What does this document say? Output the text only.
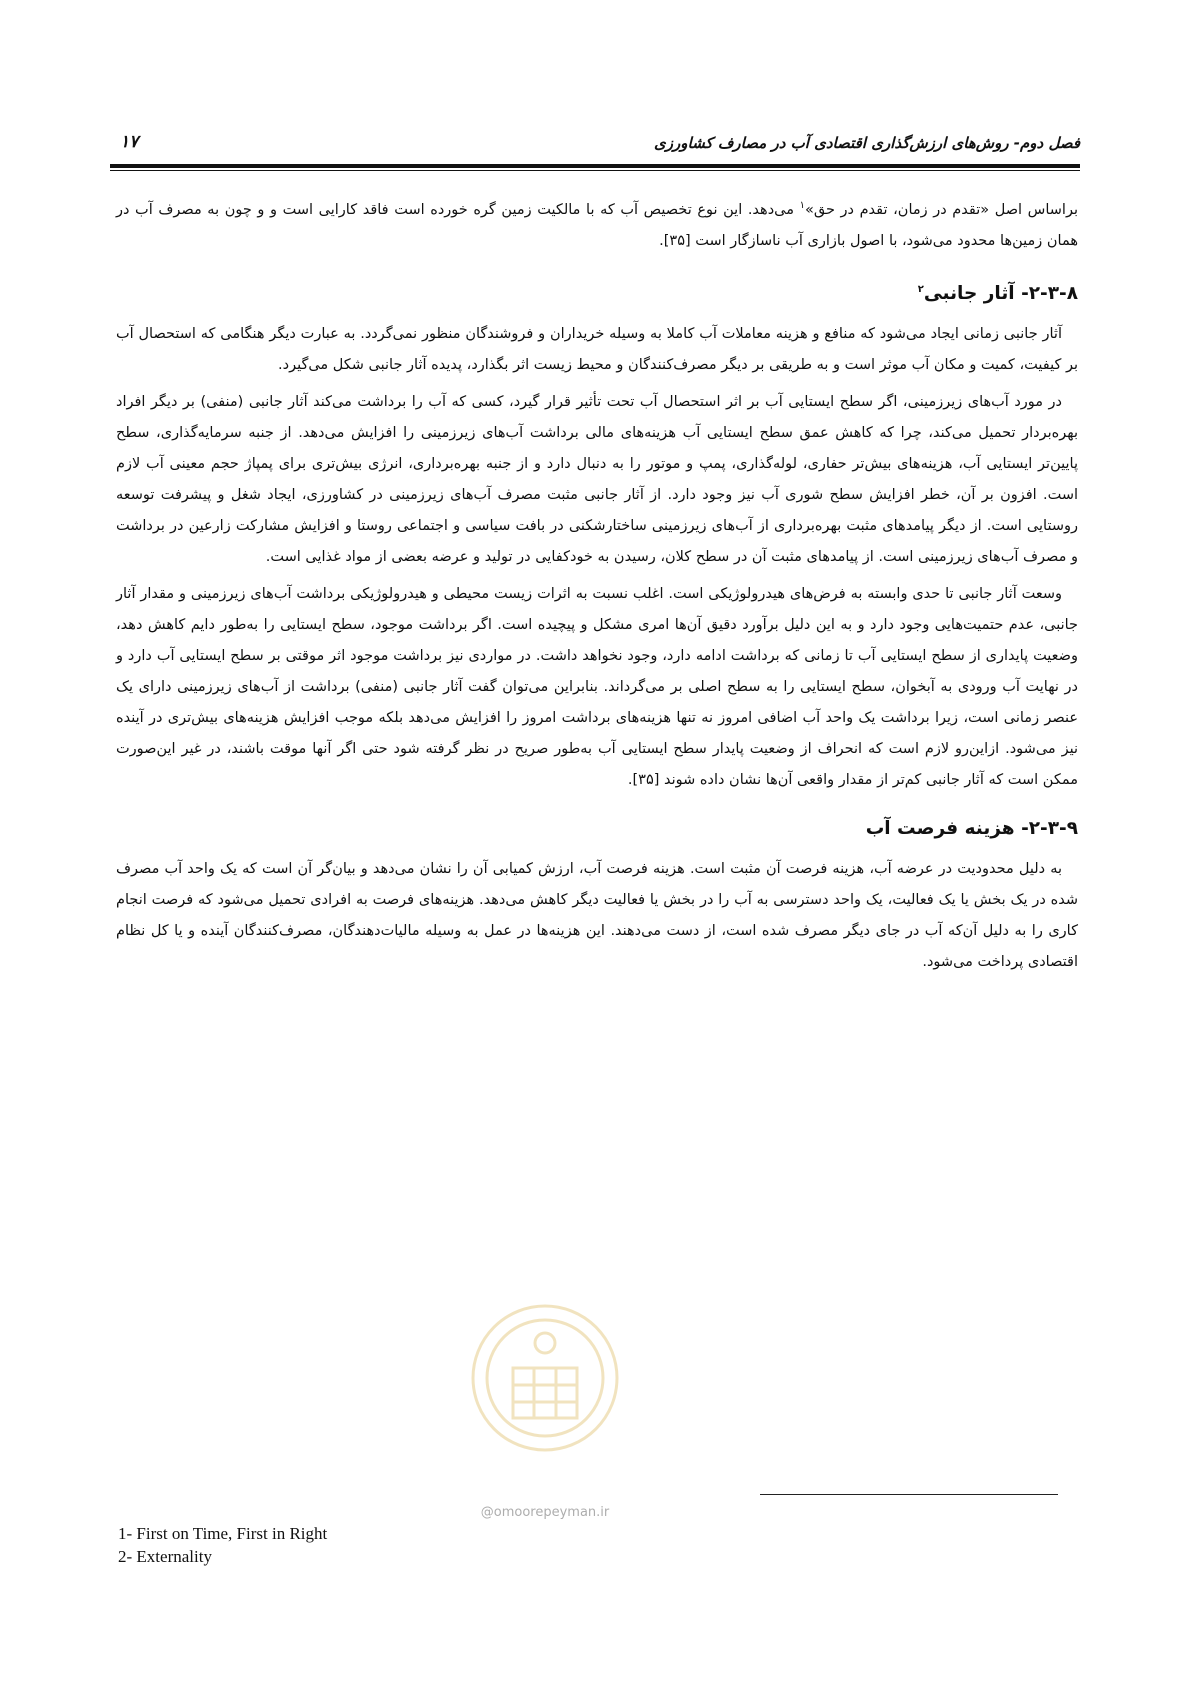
فصل دوم- روش‌های ارزش‌گذاری اقتصادی آب در مصارف کشاورزی
۱۷

براساس اصل «تقدم در زمان، تقدم در حق»$^۱$ می‌دهد. این نوع تخصیص آب که با مالکیت زمین گره خورده است فاقد کارایی است و و چون به مصرف آب در همان زمین‌ها محدود می‌شود، با اصول بازاری آب ناسازگار است [۳۵].

۲-۳-۸- آثار جانبی$^۲$

آثار جانبی زمانی ایجاد می‌شود که منافع و هزینه معاملات آب کاملا به وسیله خریداران و فروشندگان منظور نمی‌گردد. به عبارت دیگر هنگامی که استحصال آب بر کیفیت، کمیت و مکان آب موثر است و به طریقی بر دیگر مصرف‌کنندگان و محیط زیست اثر بگذارد، پدیده آثار جانبی شکل می‌گیرد.

در مورد آب‌های زیرزمینی، اگر سطح ایستایی آب بر اثر استحصال آب تحت تأثیر قرار گیرد، کسی که آب را برداشت می‌کند آثار جانبی (منفی) بر دیگر افراد بهره‌بردار تحمیل می‌کند، چرا که کاهش عمق سطح ایستایی آب هزینه‌های مالی برداشت آب‌های زیرزمینی را افزایش می‌دهد. از جنبه سرمایه‌گذاری، سطح پایین‌تر ایستایی آب، هزینه‌های بیش‌تر حفاری، لوله‌گذاری، پمپ و موتور را به دنبال دارد و از جنبه بهره‌برداری، انرژی بیش‌تری برای پمپاژ حجم معینی آب لازم است. افزون بر آن، خطر افزایش سطح شوری آب نیز وجود دارد. از آثار جانبی مثبت مصرف آب‌های زیرزمینی در کشاورزی، ایجاد شغل و پیشرفت توسعه روستایی است. از دیگر پیامدهای مثبت بهره‌برداری از آب‌های زیرزمینی ساختارشکنی در بافت سیاسی و اجتماعی روستا و افزایش مشارکت زارعین در برداشت و مصرف آب‌های زیرزمینی است. از پیامدهای مثبت آن در سطح کلان، رسیدن به خودکفایی در تولید و عرضه بعضی از مواد غذایی است.

وسعت آثار جانبی تا حدی وابسته به فرض‌های هیدرولوژیکی است. اغلب نسبت به اثرات زیست محیطی و هیدرولوژیکی برداشت آب‌های زیرزمینی و مقدار آثار جانبی، عدم حتمیت‌هایی وجود دارد و به این دلیل برآورد دقیق آن‌ها امری مشکل و پیچیده است. اگر برداشت موجود، سطح ایستایی را به‌طور دایم کاهش دهد، وضعیت پایداری از سطح ایستایی آب تا زمانی که برداشت ادامه دارد، وجود نخواهد داشت. در مواردی نیز برداشت موجود اثر موقتی بر سطح ایستایی آب دارد و در نهایت آب ورودی به آبخوان، سطح ایستایی را به سطح اصلی بر می‌گرداند. بنابراین می‌توان گفت آثار جانبی (منفی) برداشت از آب‌های زیرزمینی دارای یک عنصر زمانی است، زیرا برداشت یک واحد آب اضافی امروز نه تنها هزینه‌های برداشت امروز را افزایش می‌دهد بلکه موجب افزایش هزینه‌های بیش‌تری در آینده نیز می‌شود. ازاین‌رو لازم است که انحراف از وضعیت پایدار سطح ایستایی آب به‌طور صریح در نظر گرفته شود حتی اگر آنها موقت باشند، در غیر این‌صورت ممکن است که آثار جانبی کم‌تر از مقدار واقعی آن‌ها نشان داده شوند [۳۵].

۲-۳-۹- هزینه فرصت آب

به دلیل محدودیت در عرضه آب، هزینه فرصت آن مثبت است. هزینه فرصت آب، ارزش کمیابی آن را نشان می‌دهد و بیان‌گر آن است که یک واحد آب مصرف شده در یک بخش یا یک فعالیت، یک واحد دسترسی به آب را در بخش یا فعالیت دیگر کاهش می‌دهد. هزینه‌های فرصت به افرادی تحمیل می‌شود که فرصت انجام کاری را به دلیل آن‌که آب در جای دیگر مصرف شده است، از دست می‌دهند. این هزینه‌ها در عمل به وسیله مالیات‌دهندگان، مصرف‌کنندگان آینده و یا کل نظام اقتصادی پرداخت می‌شود.

1- First on Time, First in Right
2- Externality
@omoorepeyman.ir
